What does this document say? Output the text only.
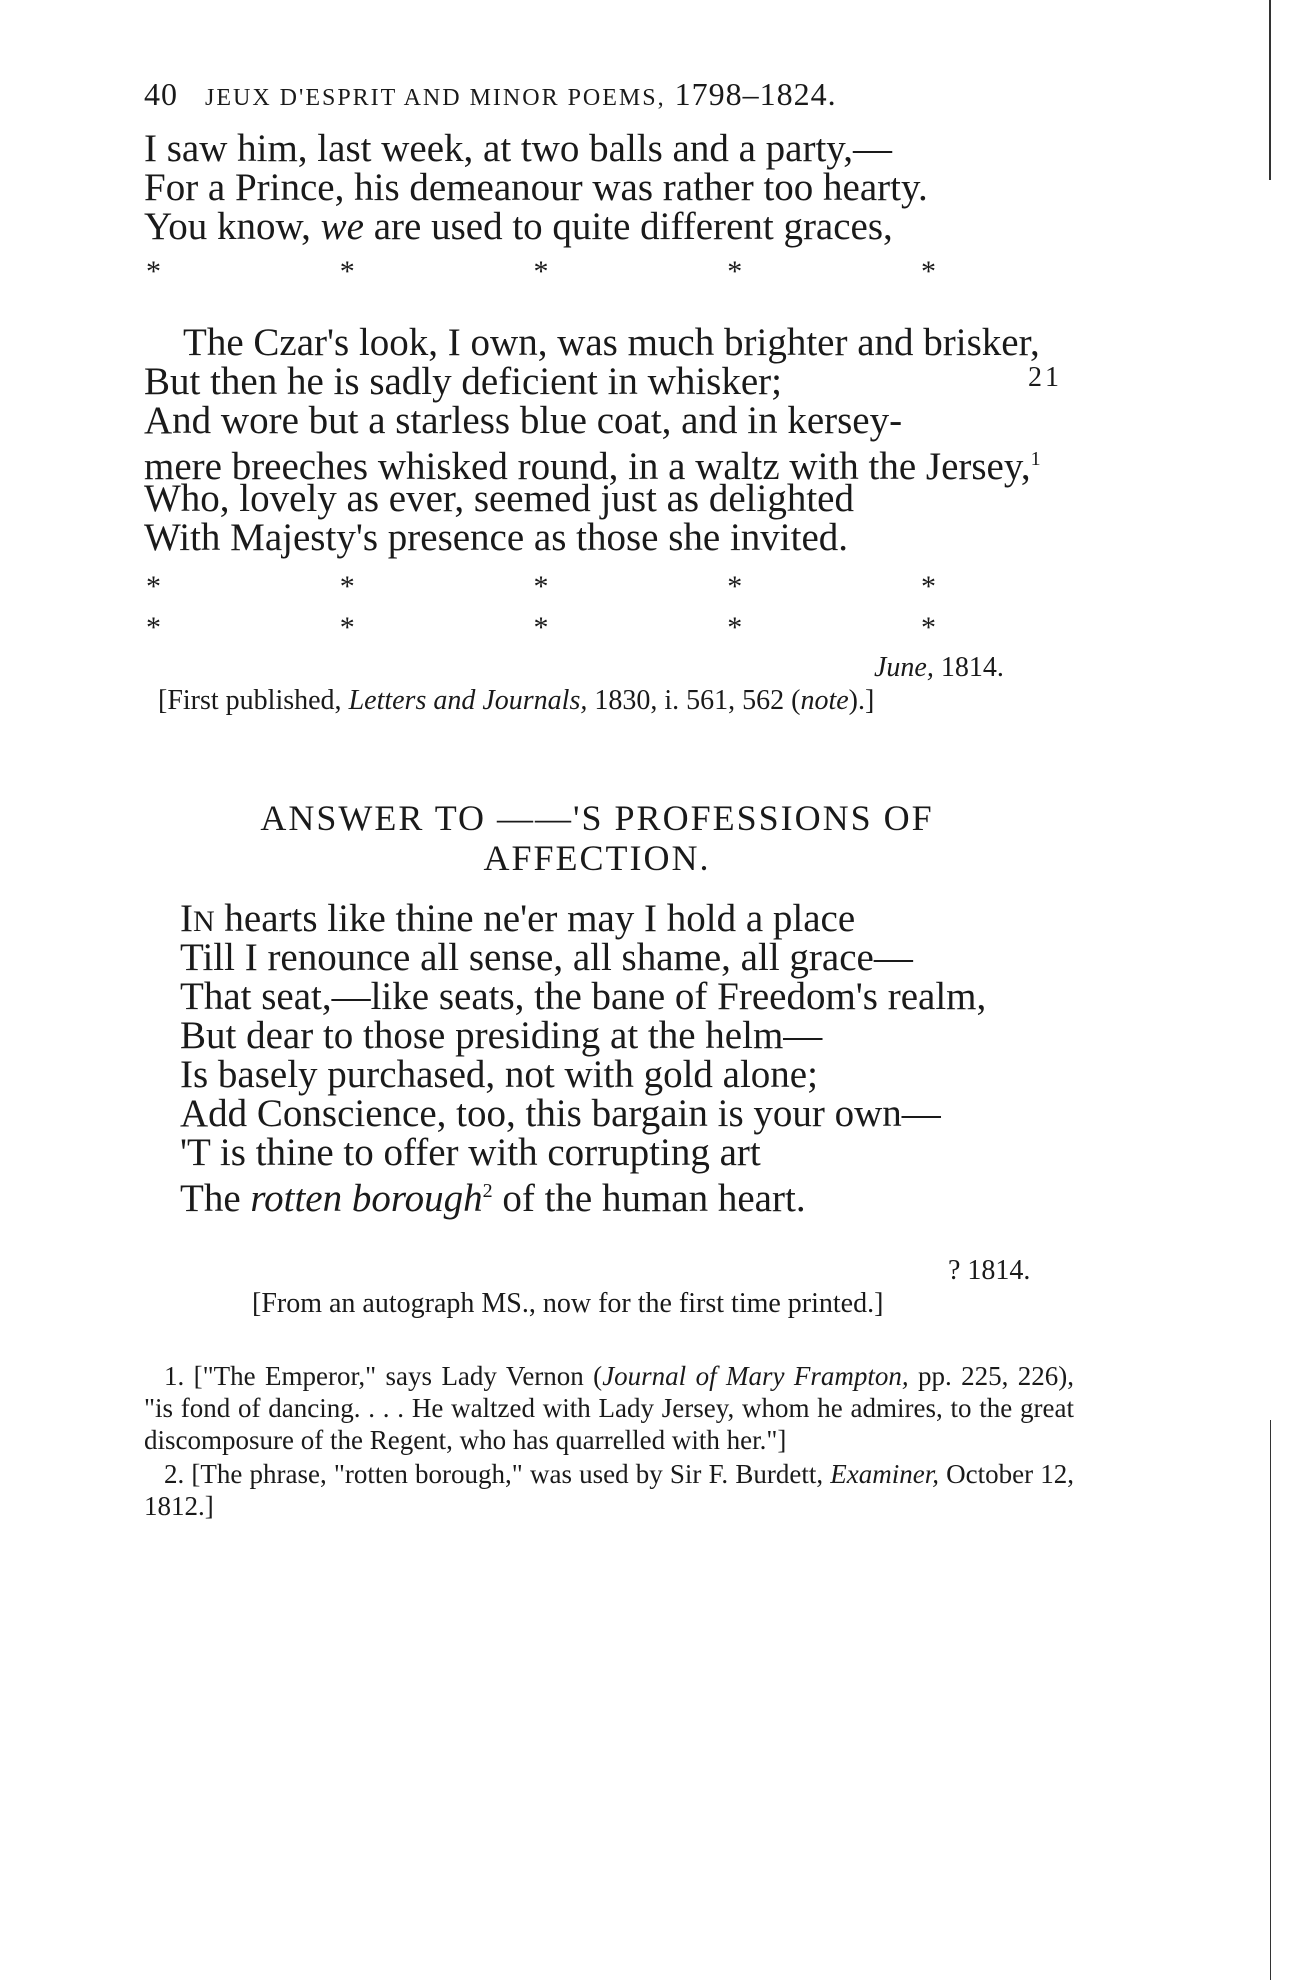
40 JEUX D'ESPRIT AND MINOR POEMS, 1798–1824.
I saw him, last week, at two balls and a party,—
For a Prince, his demeanour was rather too hearty.
You know, we are used to quite different graces,
*	*	*	*	*
The Czar's look, I own, was much brighter and brisker,
But then he is sadly deficient in whisker;	21
And wore but a starless blue coat, and in kersey-
mere breeches whisked round, in a waltz with the Jersey,$^1$
Who, lovely as ever, seemed just as delighted
With Majesty's presence as those she invited.
*	*	*	*	*
*	*	*	*	*
June, 1814.
[First published, Letters and Journals, 1830, i. 561, 562 (note).]
ANSWER TO ——'S PROFESSIONS OF
AFFECTION.
IN hearts like thine ne'er may I hold a place
Till I renounce all sense, all shame, all grace—
That seat,—like seats, the bane of Freedom's realm,
But dear to those presiding at the helm—
Is basely purchased, not with gold alone;
Add Conscience, too, this bargain is your own—
'T is thine to offer with corrupting art
The rotten borough$^2$ of the human heart.
? 1814.
[From an autograph MS., now for the first time printed.]

1. ["The Emperor," says Lady Vernon (Journal of Mary Frampton, pp. 225, 226), "is fond of dancing. . . . He waltzed with Lady Jersey, whom he admires, to the great discomposure of the Regent, who has quarrelled with her."]

2. [The phrase, "rotten borough," was used by Sir F. Burdett, Examiner, October 12, 1812.]
